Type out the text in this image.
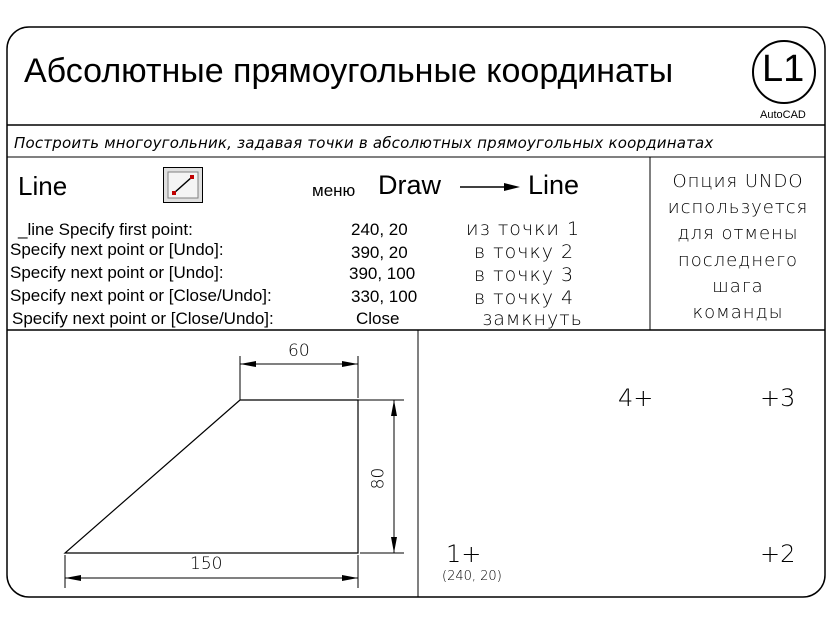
Абсолютные прямоугольные координаты L1
AutoCAD
Построить многоугольник, задавая точки в абсолютных прямоугольных координатах
Line	меню Draw	Line
_line Specify first point:
Specify next point or [Undo]:
Specify next point or [Undo]:
Specify next point or [Close/Undo]:
Specify next point or [Close/Undo]:
240, 20
390, 20
390, 100
330, 100
Close
из точки 1
в точку 2
в точку 3
в точку 4
замкнуть
Опция UNDO
используется
для отмены
последнего
шага
команды
60
150
80
1+
(240, 20)
+2
+3
4+
